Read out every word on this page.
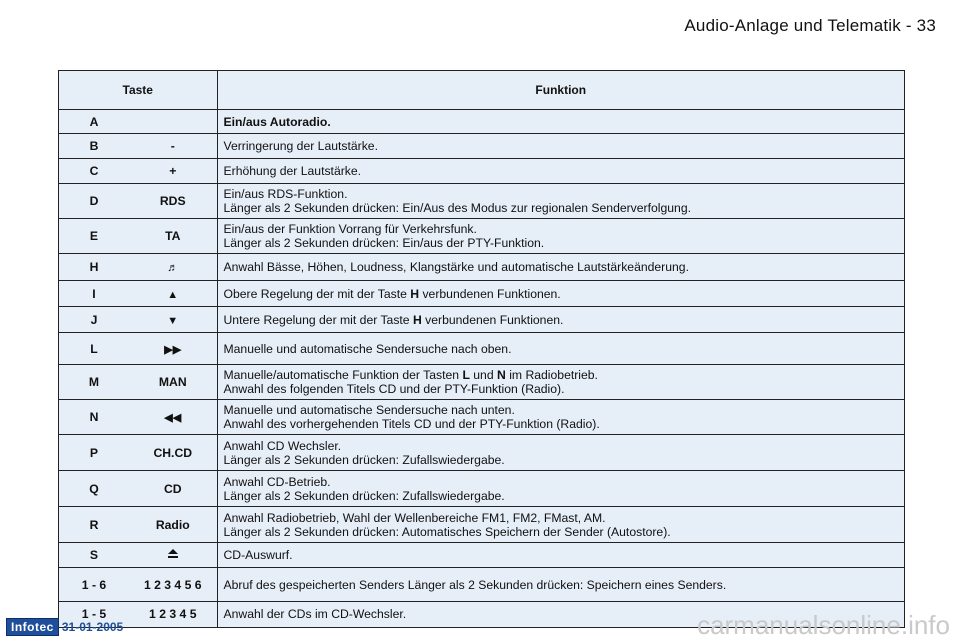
Audio-Anlage und Telematik - 33
Taste		Funktion
A		Ein/aus Autoradio.
B	-	Verringerung der Lautstärke.
C	+	Erhöhung der Lautstärke.
D	RDS	Ein/aus RDS-Funktion.
Länger als 2 Sekunden drücken: Ein/Aus des Modus zur regionalen Senderverfolgung.

E	TA	Ein/aus der Funktion Vorrang für Verkehrsfunk.
Länger als 2 Sekunden drücken: Ein/aus der PTY-Funktion.

H	♬	Anwahl Bässe, Höhen, Loudness, Klangstärke und automatische Lautstärkeänderung.
I	▲	Obere Regelung der mit der Taste H verbundenen Funktionen.
J	▼	Untere Regelung der mit der Taste H verbundenen Funktionen.
L	▶▶	Manuelle und automatische Sendersuche nach oben.
M	MAN	Manuelle/automatische Funktion der Tasten L und N im Radiobetrieb.
Anwahl des folgenden Titels CD und der PTY-Funktion (Radio).

N	◀◀	Manuelle und automatische Sendersuche nach unten.
Anwahl des vorhergehenden Titels CD und der PTY-Funktion (Radio).

P	CH.CD	Anwahl CD Wechsler.
Länger als 2 Sekunden drücken: Zufallswiedergabe.

Q	CD	Anwahl CD-Betrieb.
Länger als 2 Sekunden drücken: Zufallswiedergabe.

R	Radio	Anwahl Radiobetrieb, Wahl der Wellenbereiche FM1, FM2, FMast, AM.
Länger als 2 Sekunden drücken: Automatisches Speichern der Sender (Autostore).

S		CD-Auswurf.
1 - 6	1 2 3 4 5 6	Abruf des gespeicherten Senders Länger als 2 Sekunden drücken: Speichern eines Senders.
1 - 5	1 2 3 4 5	Anwahl der CDs im CD-Wechsler.
Infotec 31-01-2005	carmanualsonline.info
